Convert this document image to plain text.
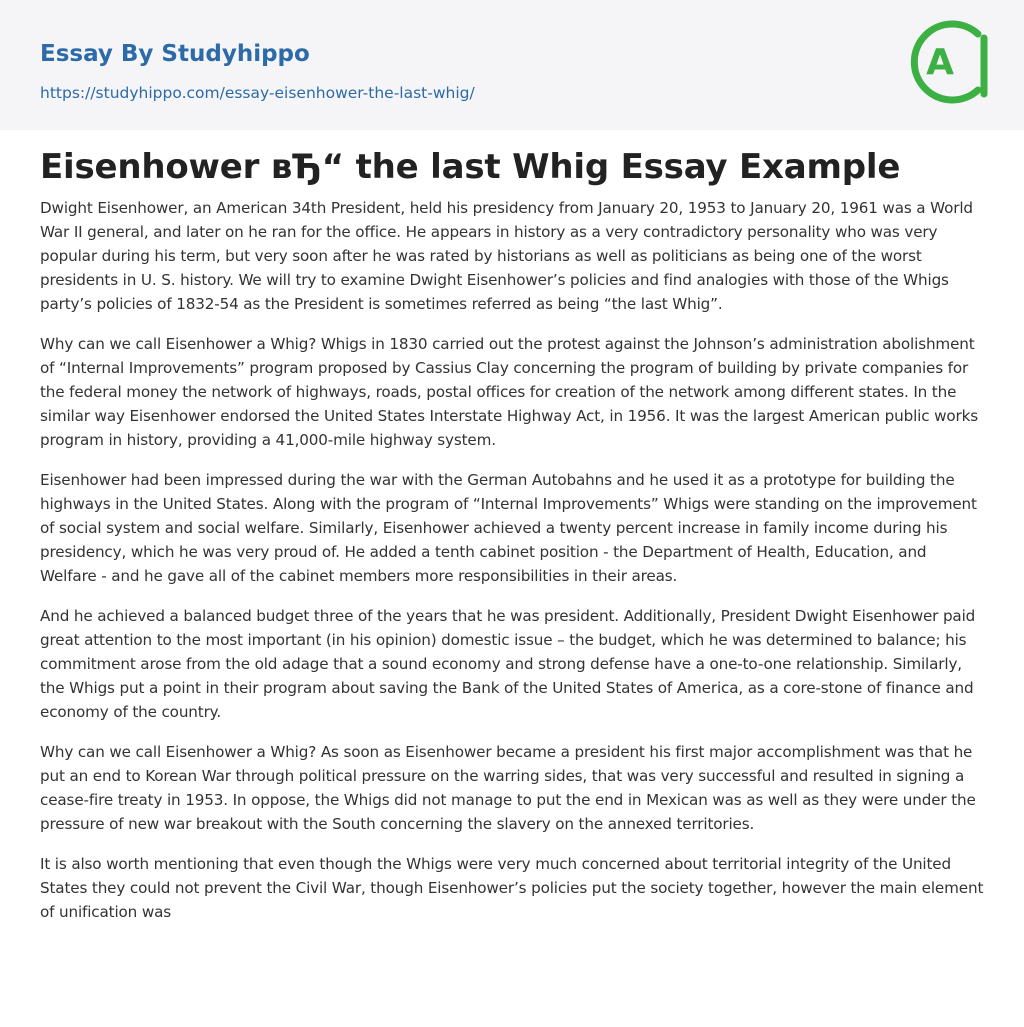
Essay By Studyhippo
https://studyhippo.com/essay-eisenhower-the-last-whig/
A
Eisenhower вЂ“ the last Whig Essay Example

Dwight Eisenhower, an American 34th President, held his presidency from January 20, 1953 to January 20, 1961 was a World War II general, and later on he ran for the office. He appears in history as a very contradictory personality who was very popular during his term, but very soon after he was rated by historians as well as politicians as being one of the worst presidents in U. S. history. We will try to examine Dwight Eisenhower’s policies and find analogies with those of the Whigs party’s policies of 1832-54 as the President is sometimes referred as being “the last Whig”.

Why can we call Eisenhower a Whig? Whigs in 1830 carried out the protest against the Johnson’s administration abolishment of “Internal Improvements” program proposed by Cassius Clay concerning the program of building by private companies for the federal money the network of highways, roads, postal offices for creation of the network among different states. In the similar way Eisenhower endorsed the United States Interstate Highway Act, in 1956. It was the largest American public works program in history, providing a 41,000-mile highway system.

Eisenhower had been impressed during the war with the German Autobahns and he used it as a prototype for building the highways in the United States. Along with the program of “Internal Improvements” Whigs were standing on the improvement of social system and social welfare. Similarly, Eisenhower achieved a twenty percent increase in family income during his presidency, which he was very proud of. He added a tenth cabinet position - the Department of Health, Education, and Welfare - and he gave all of the cabinet members more responsibilities in their areas.

And he achieved a balanced budget three of the years that he was president. Additionally, President Dwight Eisenhower paid great attention to the most important (in his opinion) domestic issue – the budget, which he was determined to balance; his commitment arose from the old adage that a sound economy and strong defense have a one-to-one relationship. Similarly, the Whigs put a point in their program about saving the Bank of the United States of America, as a core-stone of finance and economy of the country.

Why can we call Eisenhower a Whig? As soon as Eisenhower became a president his first major accomplishment was that he put an end to Korean War through political pressure on the warring sides, that was very successful and resulted in signing a cease-fire treaty in 1953. In oppose, the Whigs did not manage to put the end in Mexican was as well as they were under the pressure of new war breakout with the South concerning the slavery on the annexed territories.

It is also worth mentioning that even though the Whigs were very much concerned about territorial integrity of the United States they could not prevent the Civil War, though Eisenhower’s policies put the society together, however the main element of unification was
